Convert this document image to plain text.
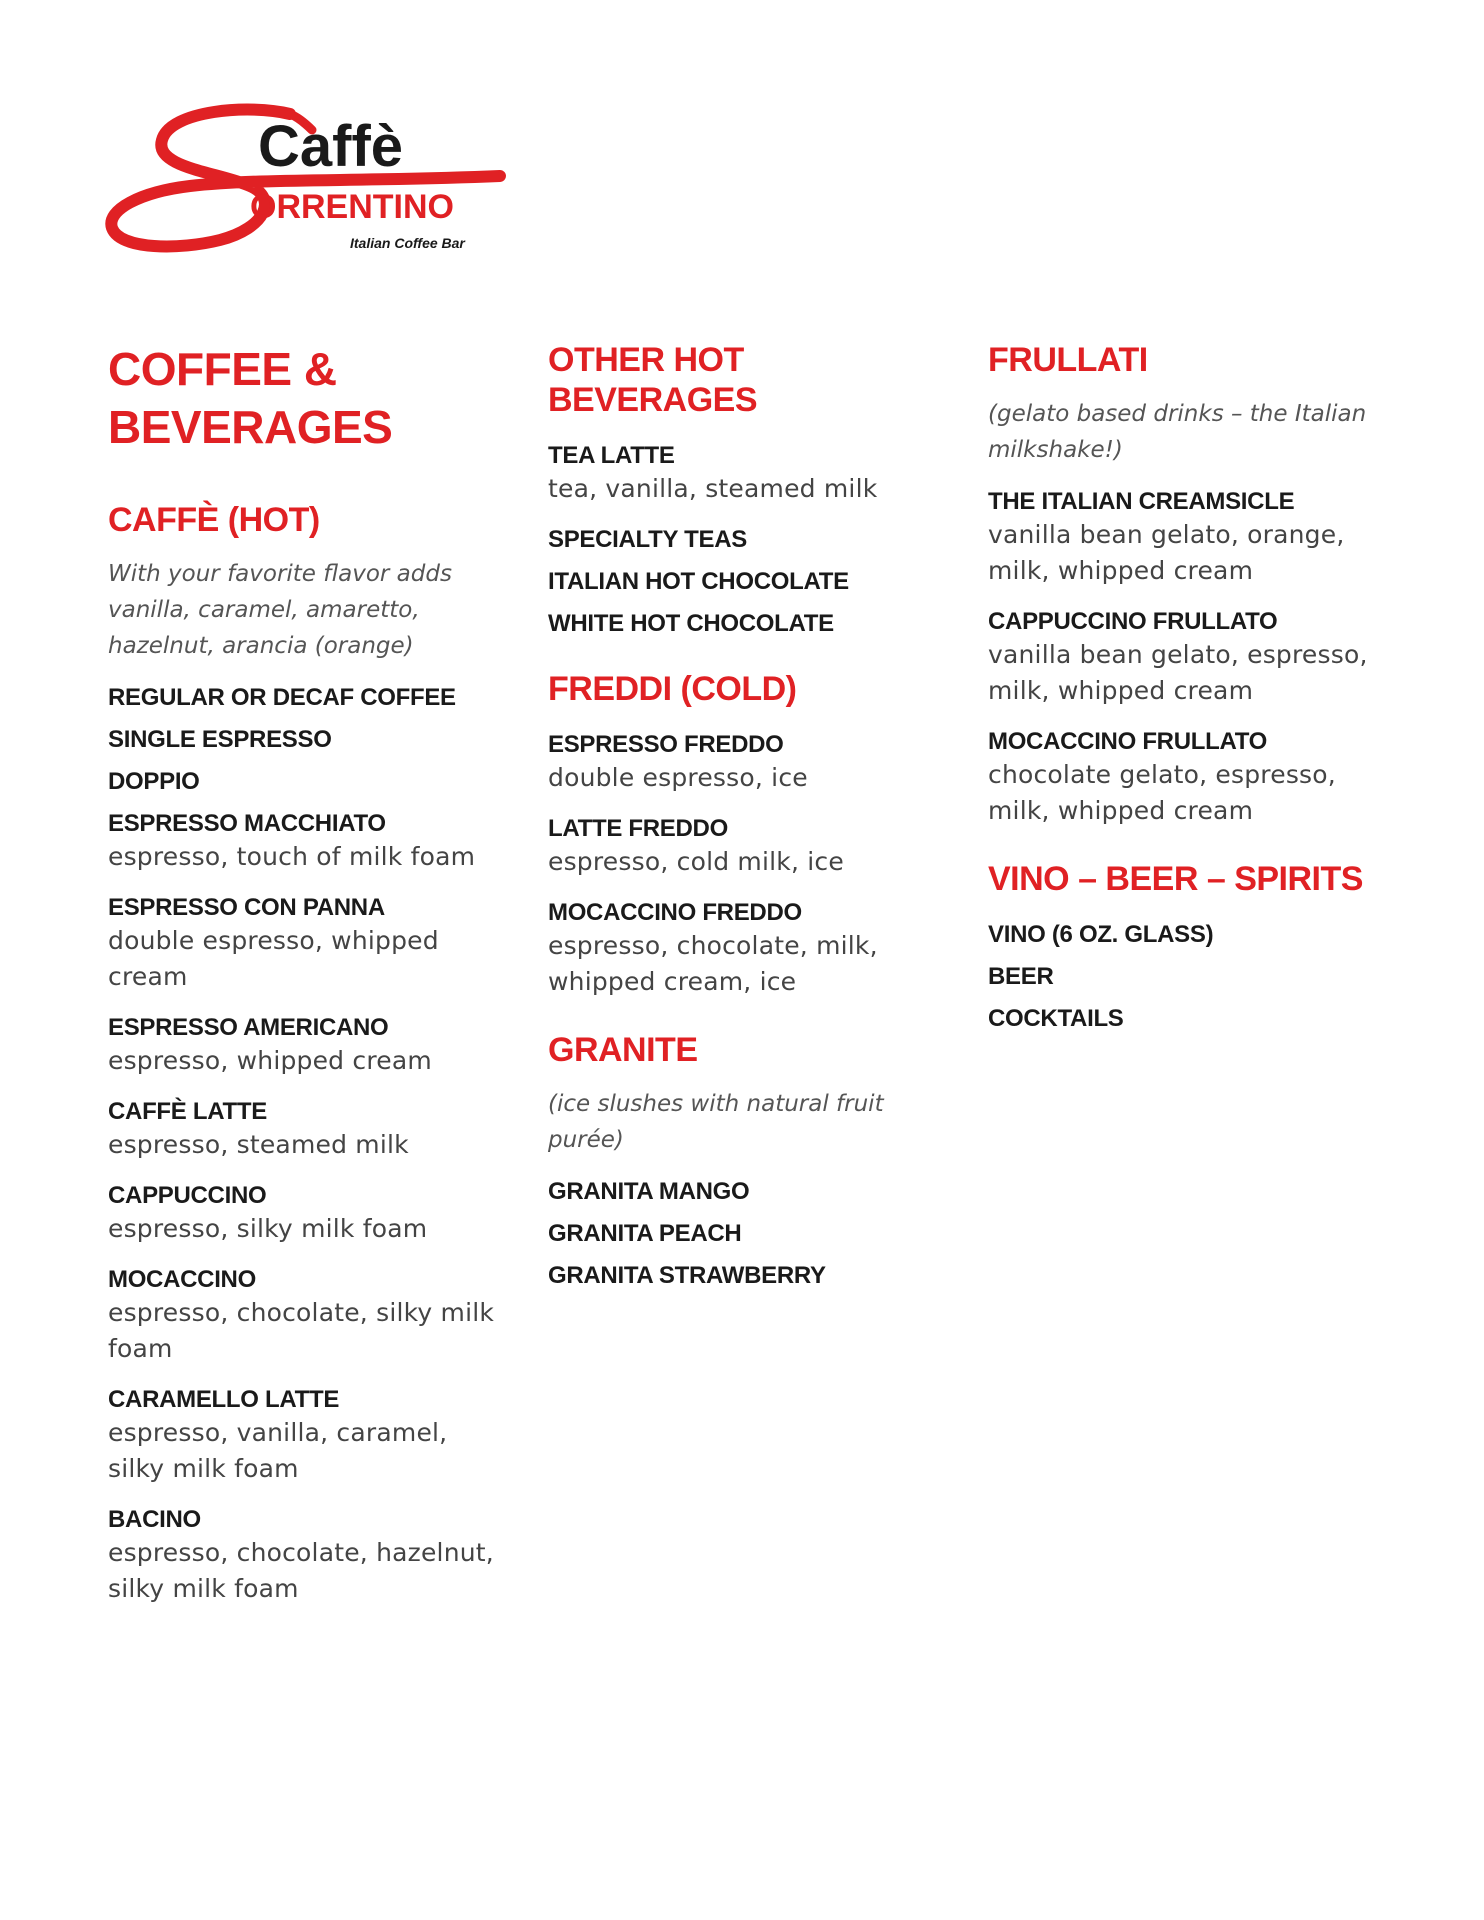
Caffè
ORRENTINO
Italian Coffee Bar
COFFEE &
BEVERAGES
CAFFÈ (HOT)
With your favorite flavor adds vanilla, caramel, amaretto, hazelnut, arancia (orange)
REGULAR OR DECAF COFFEE
SINGLE ESPRESSO
DOPPIO
ESPRESSO MACCHIATO
espresso, touch of milk foam
ESPRESSO CON PANNA
double espresso, whipped cream
ESPRESSO AMERICANO
espresso, whipped cream
CAFFÈ LATTE
espresso, steamed milk
CAPPUCCINO
espresso, silky milk foam
MOCACCINO
espresso, chocolate, silky milk foam
CARAMELLO LATTE
espresso, vanilla, caramel, silky milk foam
BACINO
espresso, chocolate, hazelnut, silky milk foam
OTHER HOT BEVERAGES
TEA LATTE
tea, vanilla, steamed milk
SPECIALTY TEAS
ITALIAN HOT CHOCOLATE
WHITE HOT CHOCOLATE
FREDDI (COLD)
ESPRESSO FREDDO
double espresso, ice
LATTE FREDDO
espresso, cold milk, ice
MOCACCINO FREDDO
espresso, chocolate, milk, whipped cream, ice
GRANITE
(ice slushes with natural fruit purée)
GRANITA MANGO
GRANITA PEACH
GRANITA STRAWBERRY
FRULLATI
(gelato based drinks – the Italian milkshake!)
THE ITALIAN CREAMSICLE
vanilla bean gelato, orange, milk, whipped cream
CAPPUCCINO FRULLATO
vanilla bean gelato, espresso, milk, whipped cream
MOCACCINO FRULLATO
chocolate gelato, espresso, milk, whipped cream
VINO – BEER – SPIRITS
VINO (6 OZ. GLASS)
BEER
COCKTAILS
